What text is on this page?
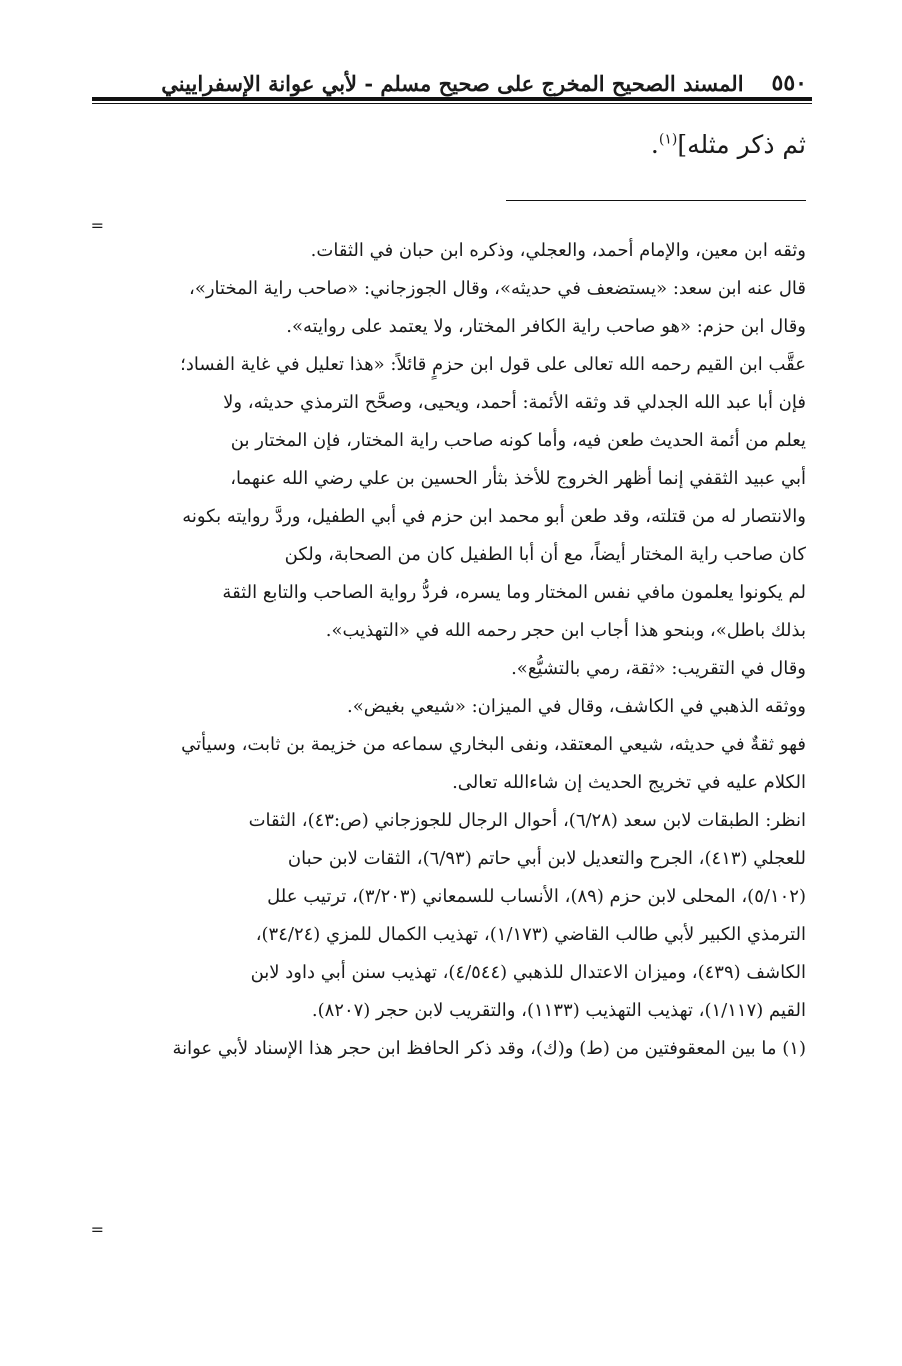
٥٥٠
المسند الصحيح المخرج على صحيح مسلم - لأبي عوانة الإسفراييني
ثم ذكر مثله]$^{(١)}$.
=
وثقه ابن معين، والإمام أحمد، والعجلي، وذكره ابن حبان في الثقات.
قال عنه ابن سعد: «يستضعف في حديثه»، وقال الجوزجاني: «صاحب راية المختار»،
وقال ابن حزم: «هو صاحب راية الكافر المختار، ولا يعتمد على روايته».
عقَّب ابن القيم رحمه الله تعالى على قول ابن حزمٍ قائلاً: «هذا تعليل في غاية الفساد؛
فإن أبا عبد الله الجدلي قد وثقه الأئمة: أحمد، ويحيى، وصحَّح الترمذي حديثه، ولا
يعلم من أئمة الحديث طعن فيه، وأما كونه صاحب راية المختار، فإن المختار بن
أبي عبيد الثقفي إنما أظهر الخروج للأخذ بثأر الحسين بن علي رضي الله عنهما،
والانتصار له من قتلته، وقد طعن أبو محمد ابن حزم في أبي الطفيل، وردَّ روايته بكونه
كان صاحب راية المختار أيضاً، مع أن أبا الطفيل كان من الصحابة، ولكن
لم يكونوا يعلمون مافي نفس المختار وما يسره، فردُّ رواية الصاحب والتابع الثقة
بذلك باطل»، وبنحو هذا أجاب ابن حجر رحمه الله في «التهذيب».
وقال في التقريب: «ثقة، رمي بالتشيُّع».
ووثقه الذهبي في الكاشف، وقال في الميزان: «شيعي بغيض».
فهو ثقةٌ في حديثه، شيعي المعتقد، ونفى البخاري سماعه من خزيمة بن ثابت، وسيأتي
الكلام عليه في تخريج الحديث إن شاءالله تعالى.
انظر: الطبقات لابن سعد (٦/٢٨)، أحوال الرجال للجوزجاني (ص:٤٣)، الثقات
للعجلي (٤١٣)، الجرح والتعديل لابن أبي حاتم (٦/٩٣)، الثقات لابن حبان
(٥/١٠٢)، المحلى لابن حزم (٨٩)، الأنساب للسمعاني (٣/٢٠٣)، ترتيب علل
الترمذي الكبير لأبي طالب القاضي (١/١٧٣)، تهذيب الكمال للمزي (٣٤/٢٤)،
الكاشف (٤٣٩)، وميزان الاعتدال للذهبي (٤/٥٤٤)، تهذيب سنن أبي داود لابن
القيم (١/١١٧)، تهذيب التهذيب (١١٣٣)، والتقريب لابن حجر (٨٢٠٧).
(١) ما بين المعقوفتين من (ط) و(ك)، وقد ذكر الحافظ ابن حجر هذا الإسناد لأبي عوانة
=
